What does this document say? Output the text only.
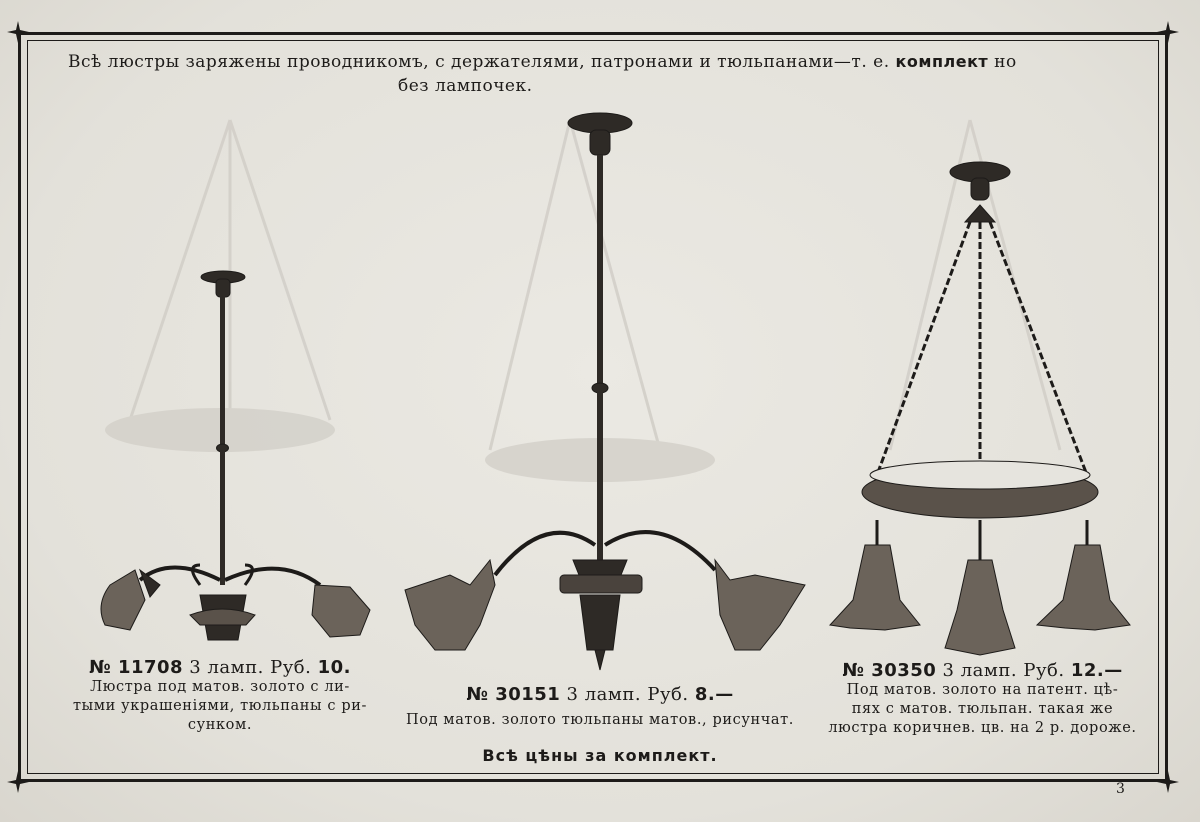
Всѣ люстры заряжены проводникомъ, с держателями, патронами и тюльпанами—т. е. комплект но
без лампочек.
№ 11708 3 ламп. Руб. 10.
Люстра под матов. золото с ли-
тыми украшеніями, тюльпаны с ри-
сунком.
№ 30151 3 ламп. Руб. 8.—
Под матов. золото тюльпаны матов., рисунчат.
№ 30350 3 ламп. Руб. 12.—
Под матов. золото на патент. цѣ-
пях с матов. тюльпан. такая же
люстра коричнев. цв. на 2 р. дороже.
Всѣ цѣны за комплект.
3
